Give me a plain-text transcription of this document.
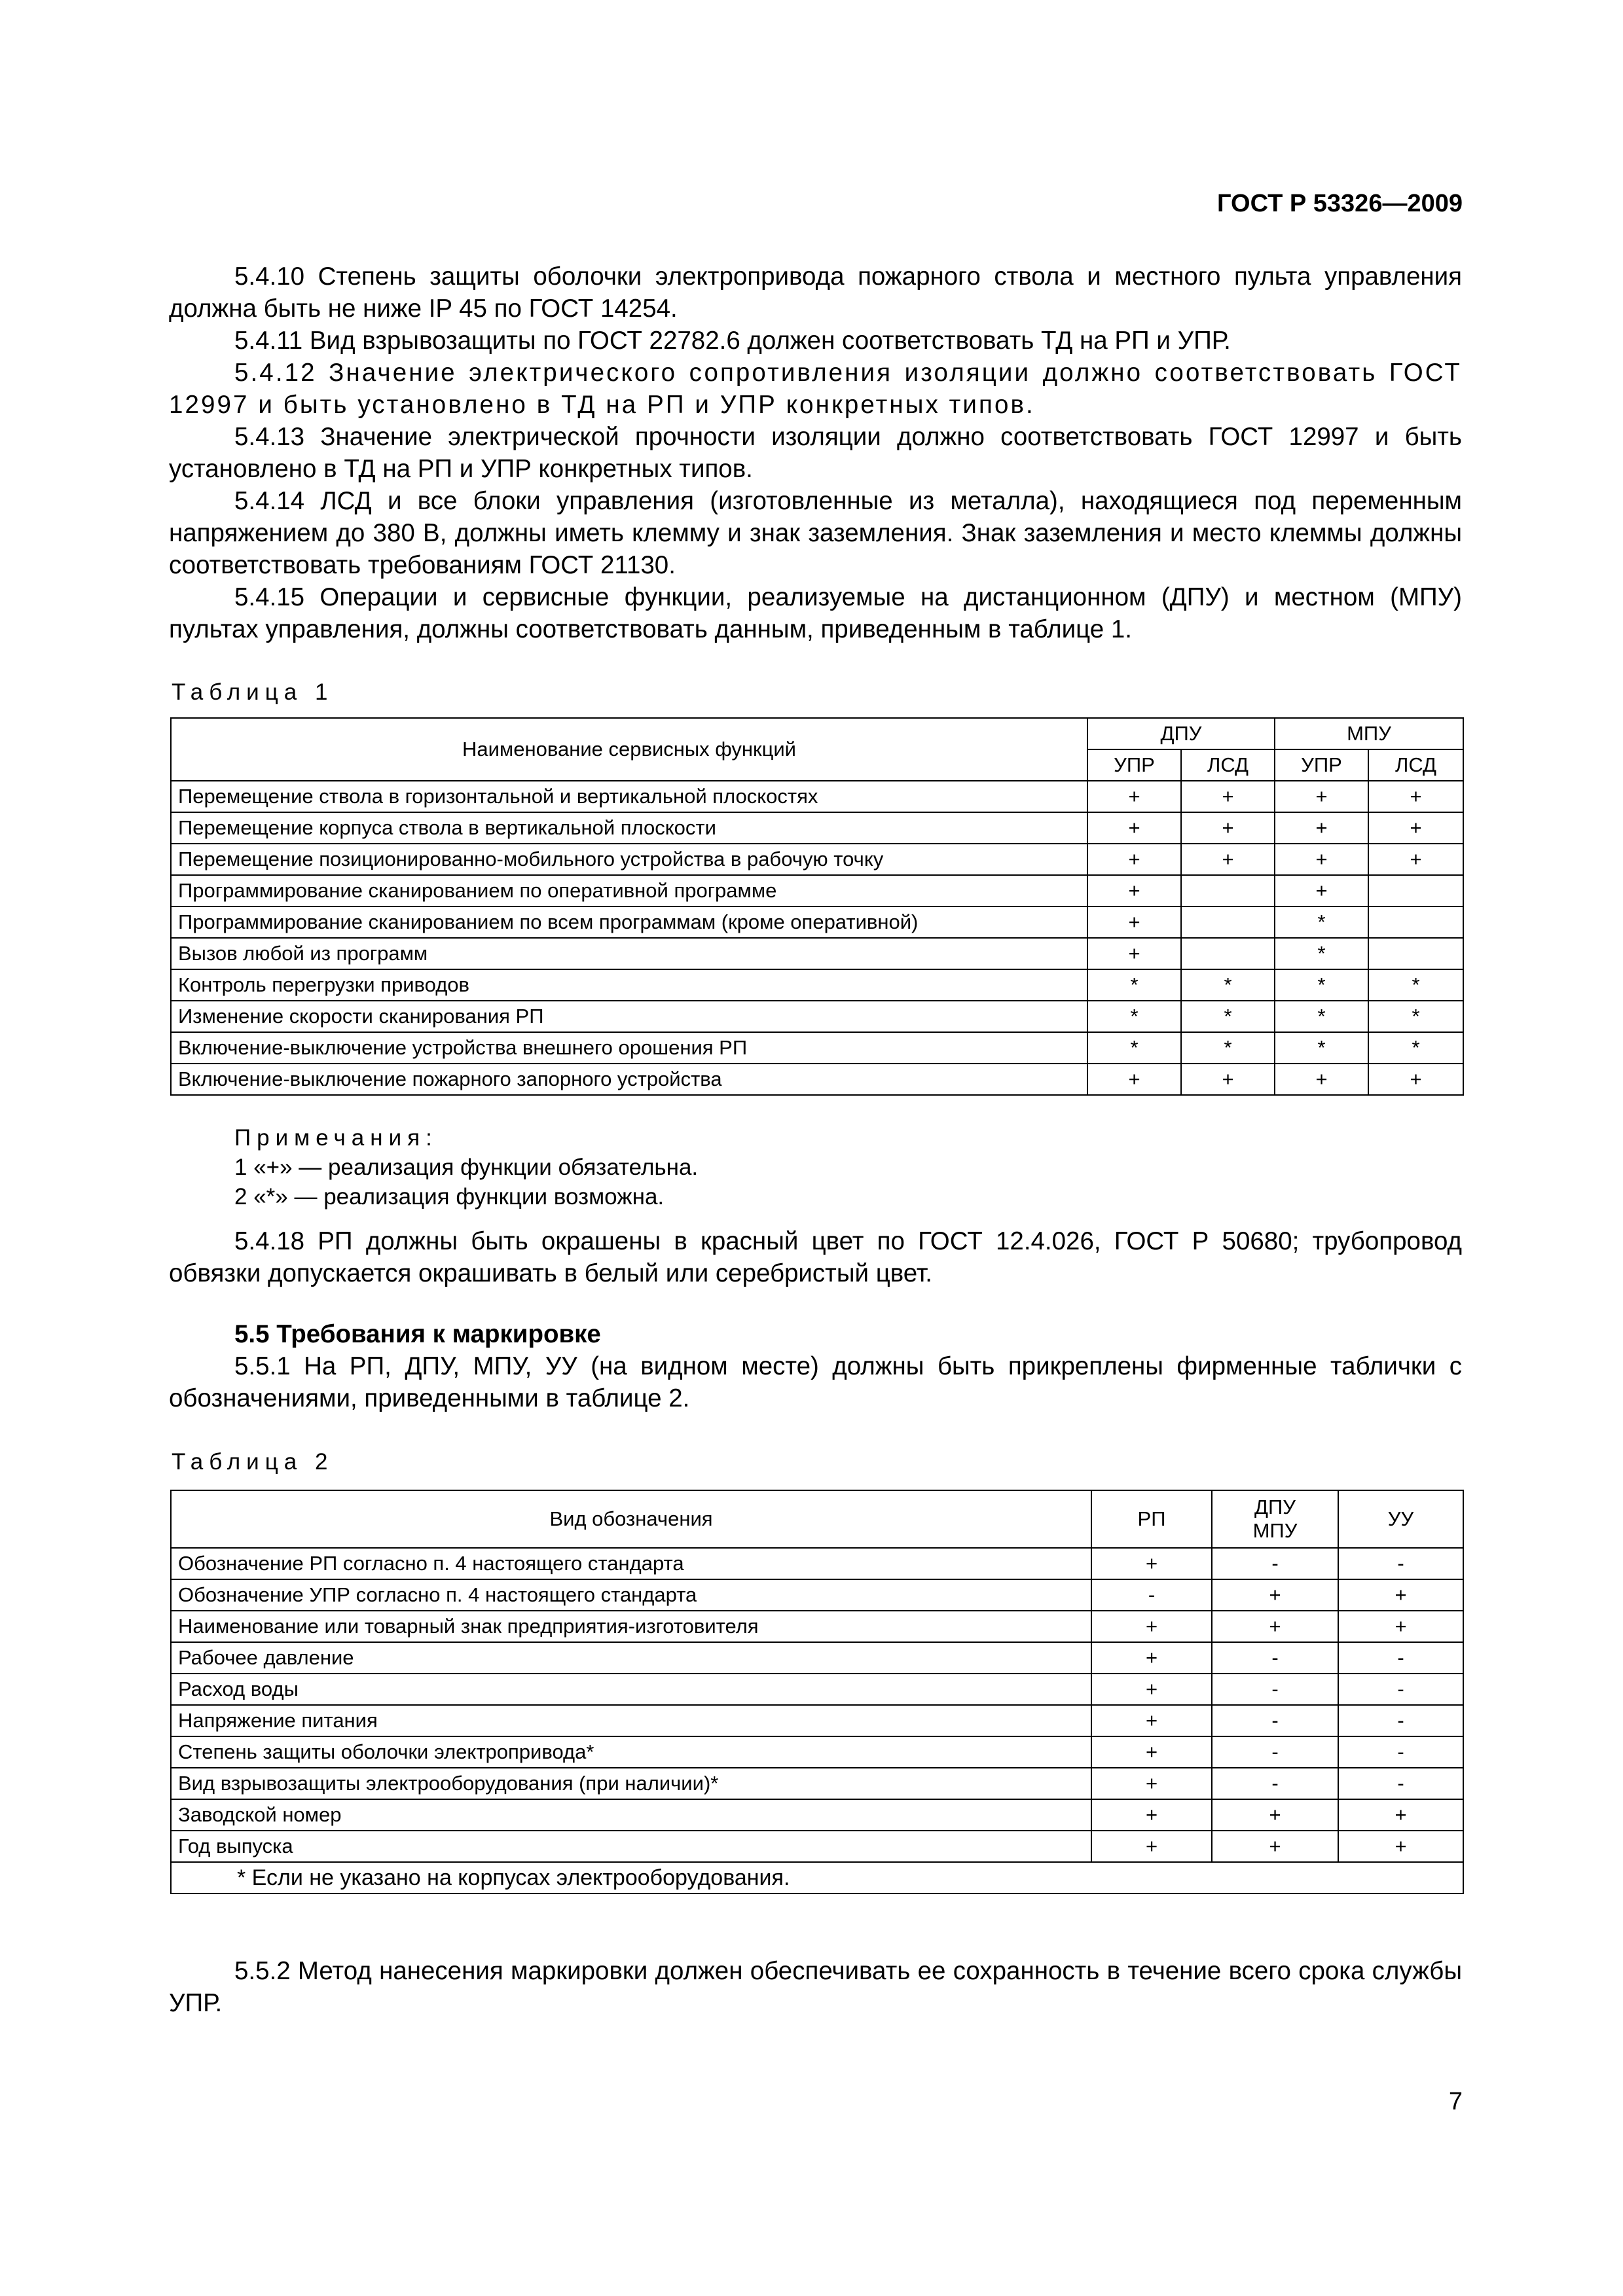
ГОСТ Р 53326—2009

5.4.10 Степень защиты оболочки электропривода пожарного ствола и местного пульта управления должна быть не ниже IP 45 по ГОСТ 14254.

5.4.11 Вид взрывозащиты по ГОСТ 22782.6 должен соответствовать ТД на РП и УПР.

5.4.12 Значение электрического сопротивления изоляции должно соответствовать ГОСТ 12997 и быть установлено в ТД на РП и УПР конкретных типов.

5.4.13 Значение электрической прочности изоляции должно соответствовать ГОСТ 12997 и быть установлено в ТД на РП и УПР конкретных типов.

5.4.14 ЛСД и все блоки управления (изготовленные из металла), находящиеся под переменным напряжением до 380 В, должны иметь клемму и знак заземления. Знак заземления и место клеммы должны соответствовать требованиям ГОСТ 21130.

5.4.15 Операции и сервисные функции, реализуемые на дистанционном (ДПУ) и местном (МПУ) пультах управления, должны соответствовать данным, приведенным в таблице 1.

Таблица 1
Наименование сервисных функций	ДПУ		МПУ	
	УПР	ЛСД	УПР	ЛСД
Перемещение ствола в горизонтальной и вертикальной плоскостях	+	+	+	+
Перемещение корпуса ствола в вертикальной плоскости	+	+	+	+
Перемещение позиционированно-мобильного устройства в рабочую точку	+	+	+	+
Программирование сканированием по оперативной программе	+		+	
Программирование сканированием по всем программам (кроме оперативной)	+		*	
Вызов любой из программ	+		*	
Контроль перегрузки приводов	*	*	*	*
Изменение скорости сканирования РП	*	*	*	*
Включение-выключение устройства внешнего орошения РП	*	*	*	*
Включение-выключение пожарного запорного устройства	+	+	+	+

Примечания:

1 «+» — реализация функции обязательна.

2 «*» — реализация функции возможна.

5.4.18 РП должны быть окрашены в красный цвет по ГОСТ 12.4.026, ГОСТ Р 50680; трубопровод обвязки допускается окрашивать в белый или серебристый цвет.

5.5 Требования к маркировке

5.5.1 На РП, ДПУ, МПУ, УУ (на видном месте) должны быть прикреплены фирменные таблички с обозначениями, приведенными в таблице 2.

Таблица 2
Вид обозначения	РП	ДПУ
МПУ	УУ
Обозначение РП согласно п. 4 настоящего стандарта	+	-	-
Обозначение УПР согласно п. 4 настоящего стандарта	-	+	+
Наименование или товарный знак предприятия-изготовителя	+	+	+
Рабочее давление	+	-	-
Расход воды	+	-	-
Напряжение питания	+	-	-
Степень защиты оболочки электропривода*	+	-	-
Вид взрывозащиты электрооборудования (при наличии)*	+	-	-
Заводской номер	+	+	+
Год выпуска	+	+	+
* Если не указано на корпусах электрооборудования.			

5.5.2 Метод нанесения маркировки должен обеспечивать ее сохранность в течение всего срока службы УПР.

7
